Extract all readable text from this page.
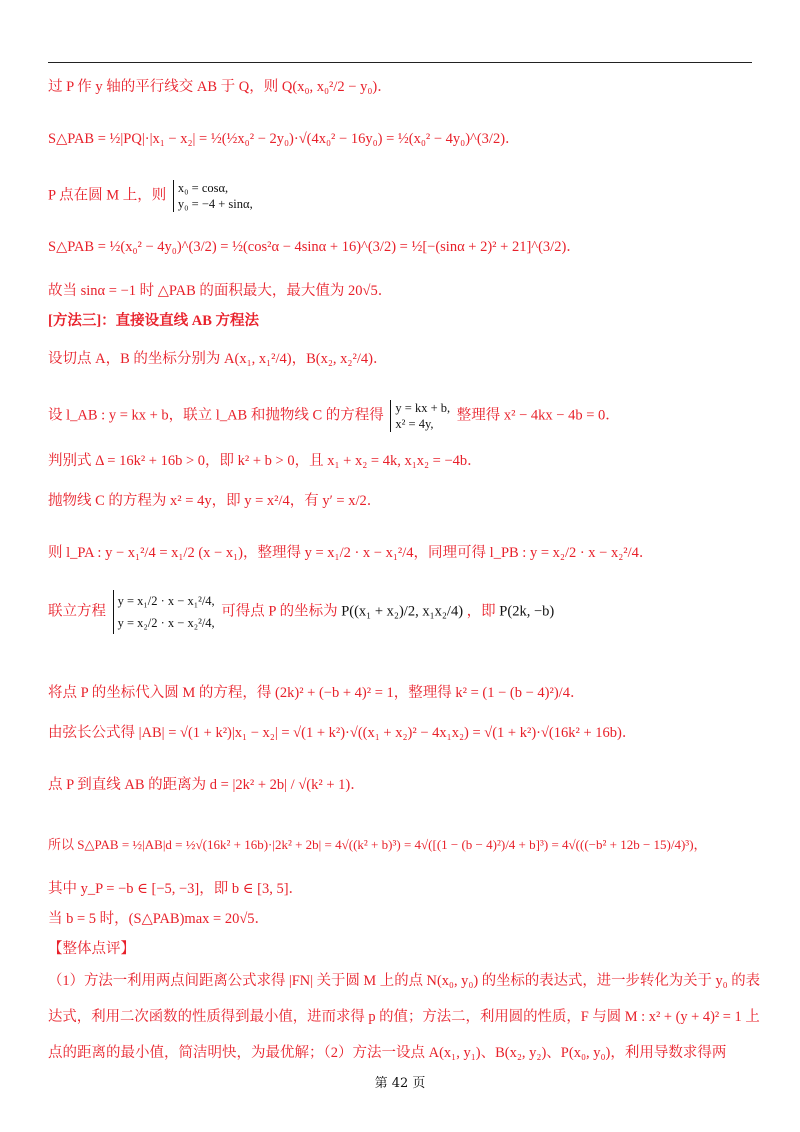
过 P 作 y 轴的平行线交 AB 于 Q，则 Q(x₀, x₀²/2 − y₀)．
S△PAB = ½|PQ|·|x₁ − x₂| = ½(½x₀² − 2y₀)·√(4x₀² − 16y₀) = ½(x₀² − 4y₀)^(3/2)．
P 点在圆 M 上，则 x₀ = cosα,
y₀ = −4 + sinα,
S△PAB = ½(x₀² − 4y₀)^(3/2) = ½(cos²α − 4sinα + 16)^(3/2) = ½[−(sinα + 2)² + 21]^(3/2)．
故当 sinα = −1 时 △PAB 的面积最大，最大值为 20√5．
[方法三]：直接设直线 AB 方程法
设切点 A，B 的坐标分别为 A(x₁, x₁²/4)，B(x₂, x₂²/4)．
设 l_AB : y = kx + b，联立 l_AB 和抛物线 C 的方程得 y = kx + b,
x² = 4y,
整理得 x² − 4kx − 4b = 0．
判别式 Δ = 16k² + 16b > 0，即 k² + b > 0，且 x₁ + x₂ = 4k, x₁x₂ = −4b．
抛物线 C 的方程为 x² = 4y，即 y = x²/4，有 y′ = x/2．
则 l_PA : y − x₁²/4 = x₁/2 (x − x₁)，整理得 y = x₁/2 · x − x₁²/4，同理可得 l_PB : y = x₂/2 · x − x₂²/4．
联立方程
y = x₁/2 · x − x₁²/4,
y = x₂/2 · x − x₂²/4,
可得点 P 的坐标为 P((x₁ + x₂)/2, x₁x₂/4) ，即 P(2k, −b)
将点 P 的坐标代入圆 M 的方程，得 (2k)² + (−b + 4)² = 1，整理得 k² = (1 − (b − 4)²)/4．
由弦长公式得 |AB| = √(1 + k²)|x₁ − x₂| = √(1 + k²)·√((x₁ + x₂)² − 4x₁x₂) = √(1 + k²)·√(16k² + 16b)．
点 P 到直线 AB 的距离为 d = |2k² + 2b| / √(k² + 1)．
所以 S△PAB = ½|AB|d = ½√(16k² + 16b)·|2k² + 2b| = 4√((k² + b)³) = 4√([(1 − (b − 4)²)/4 + b]³) = 4√(((−b² + 12b − 15)/4)³)，
其中 y_P = −b ∈ [−5, −3]，即 b ∈ [3, 5]．
当 b = 5 时，(S△PAB)max = 20√5．
【整体点评】
（1）方法一利用两点间距离公式求得 |FN| 关于圆 M 上的点 N(x₀, y₀) 的坐标的表达式，进一步转化为关于 y₀ 的表
达式，利用二次函数的性质得到最小值，进而求得 p 的值；方法二，利用圆的性质，F 与圆 M : x² + (y + 4)² = 1 上
点的距离的最小值，简洁明快，为最优解；（2）方法一设点 A(x₁, y₁)、B(x₂, y₂)、P(x₀, y₀)，利用导数求得两
第 42 页
